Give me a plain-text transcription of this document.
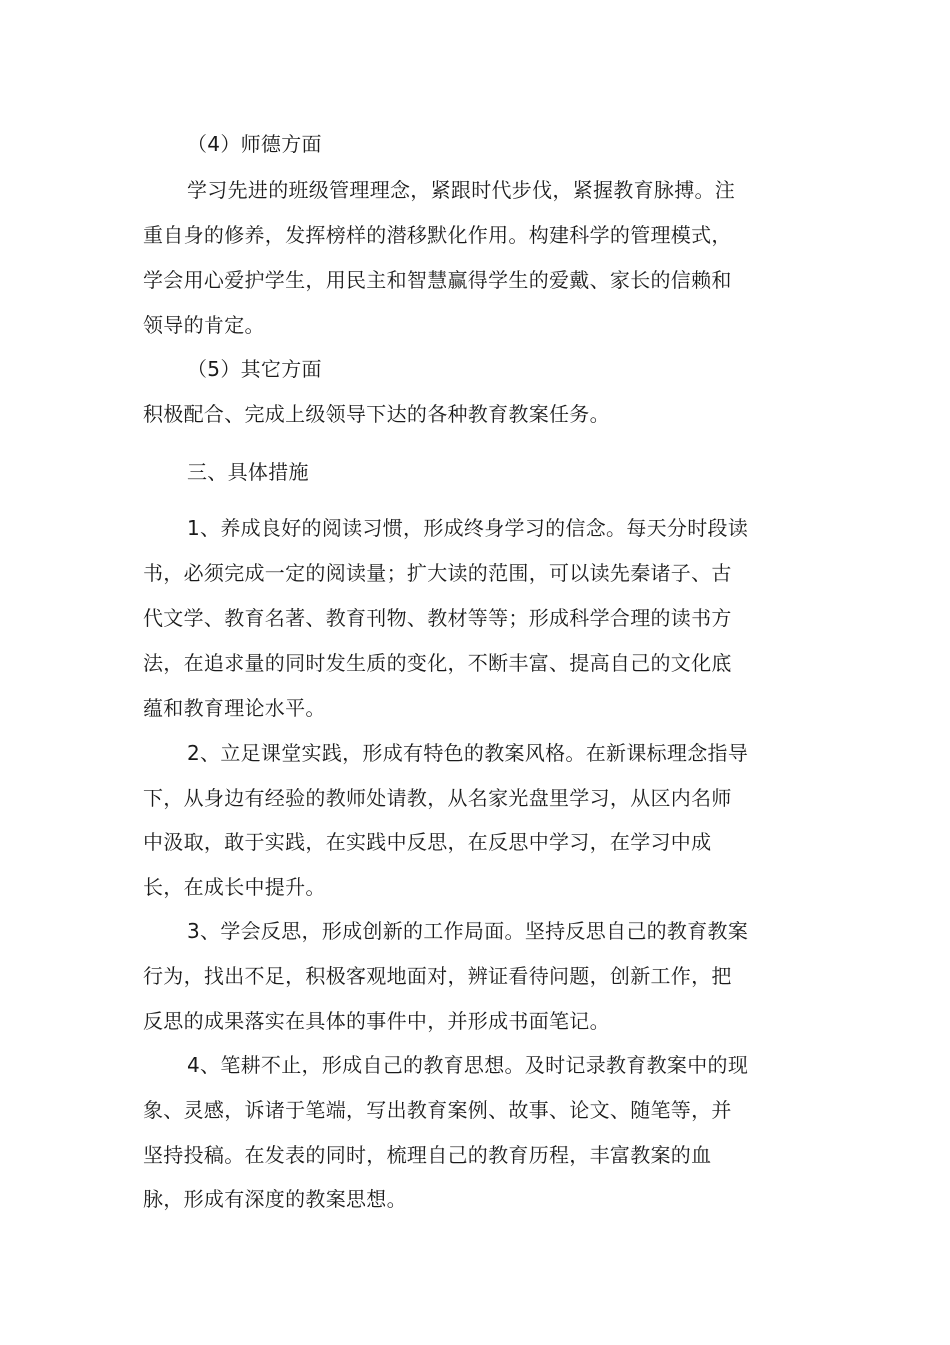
（4）师德方面
学习先进的班级管理理念，紧跟时代步伐，紧握教育脉搏。注
重自身的修养，发挥榜样的潜移默化作用。构建科学的管理模式，
学会用心爱护学生，用民主和智慧赢得学生的爱戴、家长的信赖和
领导的肯定。
（5）其它方面
积极配合、完成上级领导下达的各种教育教案任务。
三、具体措施
1、养成良好的阅读习惯，形成终身学习的信念。每天分时段读
书，必须完成一定的阅读量；扩大读的范围，可以读先秦诸子、古
代文学、教育名著、教育刊物、教材等等；形成科学合理的读书方
法，在追求量的同时发生质的变化，不断丰富、提高自己的文化底
蕴和教育理论水平。
2、立足课堂实践，形成有特色的教案风格。在新课标理念指导
下，从身边有经验的教师处请教，从名家光盘里学习，从区内名师
中汲取，敢于实践，在实践中反思，在反思中学习，在学习中成
长，在成长中提升。
3、学会反思，形成创新的工作局面。坚持反思自己的教育教案
行为，找出不足，积极客观地面对，辨证看待问题，创新工作，把
反思的成果落实在具体的事件中，并形成书面笔记。
4、笔耕不止，形成自己的教育思想。及时记录教育教案中的现
象、灵感，诉诸于笔端，写出教育案例、故事、论文、随笔等，并
坚持投稿。在发表的同时，梳理自己的教育历程，丰富教案的血
脉，形成有深度的教案思想。
